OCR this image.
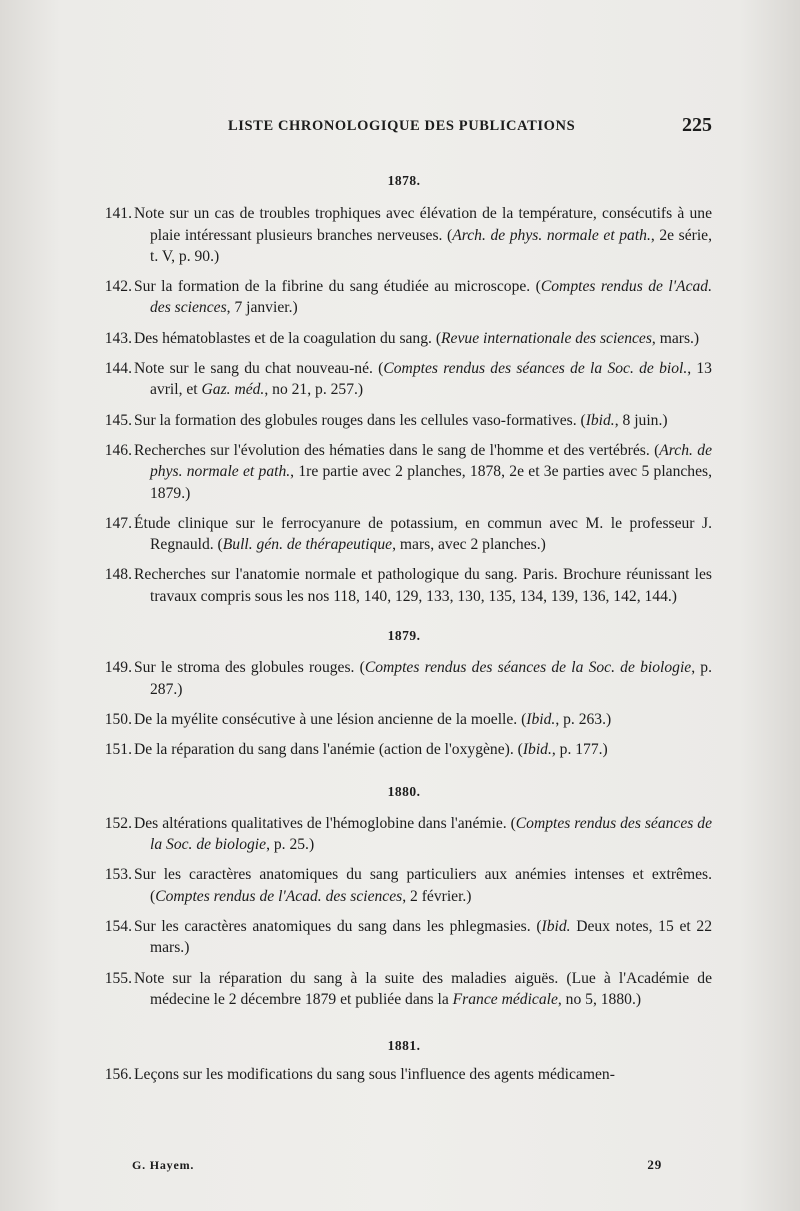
LISTE CHRONOLOGIQUE DES PUBLICATIONS	225
1878.
141. Note sur un cas de troubles trophiques avec élévation de la température, consécutifs à une plaie intéressant plusieurs branches nerveuses. (Arch. de phys. normale et path., 2e série, t. V, p. 90.)
142. Sur la formation de la fibrine du sang étudiée au microscope. (Comptes rendus de l'Acad. des sciences, 7 janvier.)
143. Des hématoblastes et de la coagulation du sang. (Revue internationale des sciences, mars.)
144. Note sur le sang du chat nouveau-né. (Comptes rendus des séances de la Soc. de biol., 13 avril, et Gaz. méd., no 21, p. 257.)
145. Sur la formation des globules rouges dans les cellules vaso-formatives. (Ibid., 8 juin.)
146. Recherches sur l'évolution des hématies dans le sang de l'homme et des vertébrés. (Arch. de phys. normale et path., 1re partie avec 2 planches, 1878, 2e et 3e parties avec 5 planches, 1879.)
147. Étude clinique sur le ferrocyanure de potassium, en commun avec M. le professeur J. Regnauld. (Bull. gén. de thérapeutique, mars, avec 2 planches.)
148. Recherches sur l'anatomie normale et pathologique du sang. Paris. Brochure réunissant les travaux compris sous les nos 118, 140, 129, 133, 130, 135, 134, 139, 136, 142, 144.)
1879.
149. Sur le stroma des globules rouges. (Comptes rendus des séances de la Soc. de biologie, p. 287.)
150. De la myélite consécutive à une lésion ancienne de la moelle. (Ibid., p. 263.)
151. De la réparation du sang dans l'anémie (action de l'oxygène). (Ibid., p. 177.)
1880.
152. Des altérations qualitatives de l'hémoglobine dans l'anémie. (Comptes rendus des séances de la Soc. de biologie, p. 25.)
153. Sur les caractères anatomiques du sang particuliers aux anémies intenses et extrêmes. (Comptes rendus de l'Acad. des sciences, 2 février.)
154. Sur les caractères anatomiques du sang dans les phlegmasies. (Ibid. Deux notes, 15 et 22 mars.)
155. Note sur la réparation du sang à la suite des maladies aiguës. (Lue à l'Académie de médecine le 2 décembre 1879 et publiée dans la France médicale, no 5, 1880.)
1881.
156. Leçons sur les modifications du sang sous l'influence des agents médicamen-
G. Hayem.	29
